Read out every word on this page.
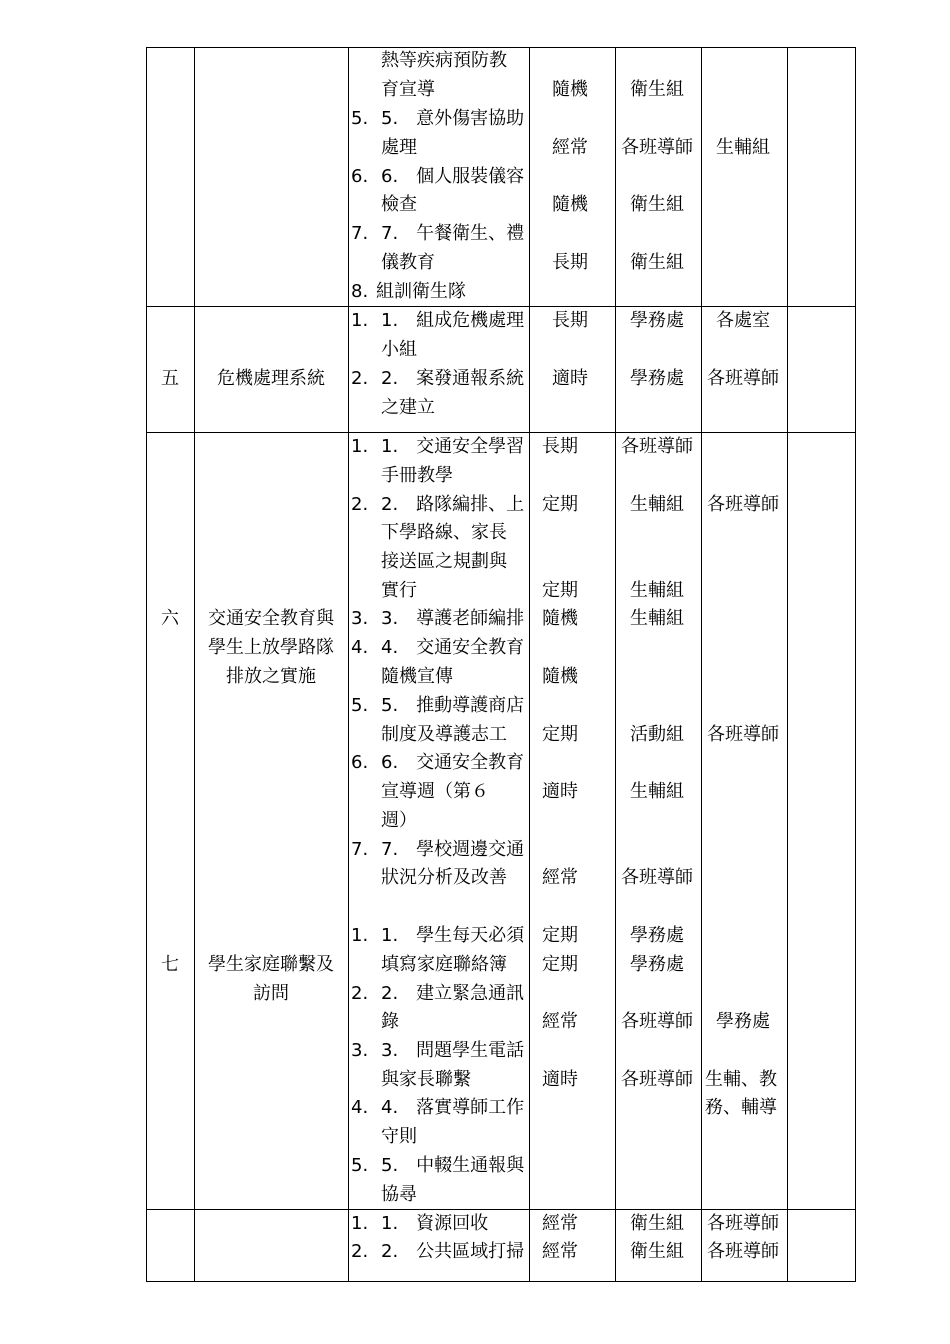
熱等疾病預防教
育宣導
5. 5.　意外傷害協助
處理
6. 6.　個人服裝儀容
檢查
7. 7.　午餐衛生、禮
儀教育
8. 組訓衛生隊
隨機
經常
隨機
長期
衛生組
各班導師
衛生組
衛生組
生輔組
五 危機處理系統
1. 1.　組成危機處理
小組
2. 2.　案發通報系統
之建立
長期
適時
學務處
學務處
各處室
各班導師
六 交通安全教育與
學生上放學路隊
排放之實施
1. 1.　交通安全學習
手冊教學
2. 2.　路隊編排、上
下學路線、家長
接送區之規劃與
實行
3. 3.　導護老師編排
4. 4.　交通安全教育
隨機宣傳
5. 5.　推動導護商店
制度及導護志工
6. 6.　交通安全教育
宣導週（第６
週）
7. 7.　學校週邊交通
狀況分析及改善
長期
定期
定期
隨機
隨機
定期
適時
經常
各班導師
生輔組
生輔組
生輔組
活動組
生輔組
各班導師
各班導師
各班導師
七 學生家庭聯繫及
訪問
1. 1.　學生每天必須
填寫家庭聯絡簿
2. 2.　建立緊急通訊
錄
3. 3.　問題學生電話
與家長聯繫
4. 4.　落實導師工作
守則
5. 5.　中輟生通報與
協尋
定期
定期
經常
適時
學務處
學務處
各班導師
各班導師
學務處
生輔、教
務、輔導
1. 1.　資源回收
2. 2.　公共區域打掃
經常
經常
衛生組
衛生組
各班導師
各班導師
